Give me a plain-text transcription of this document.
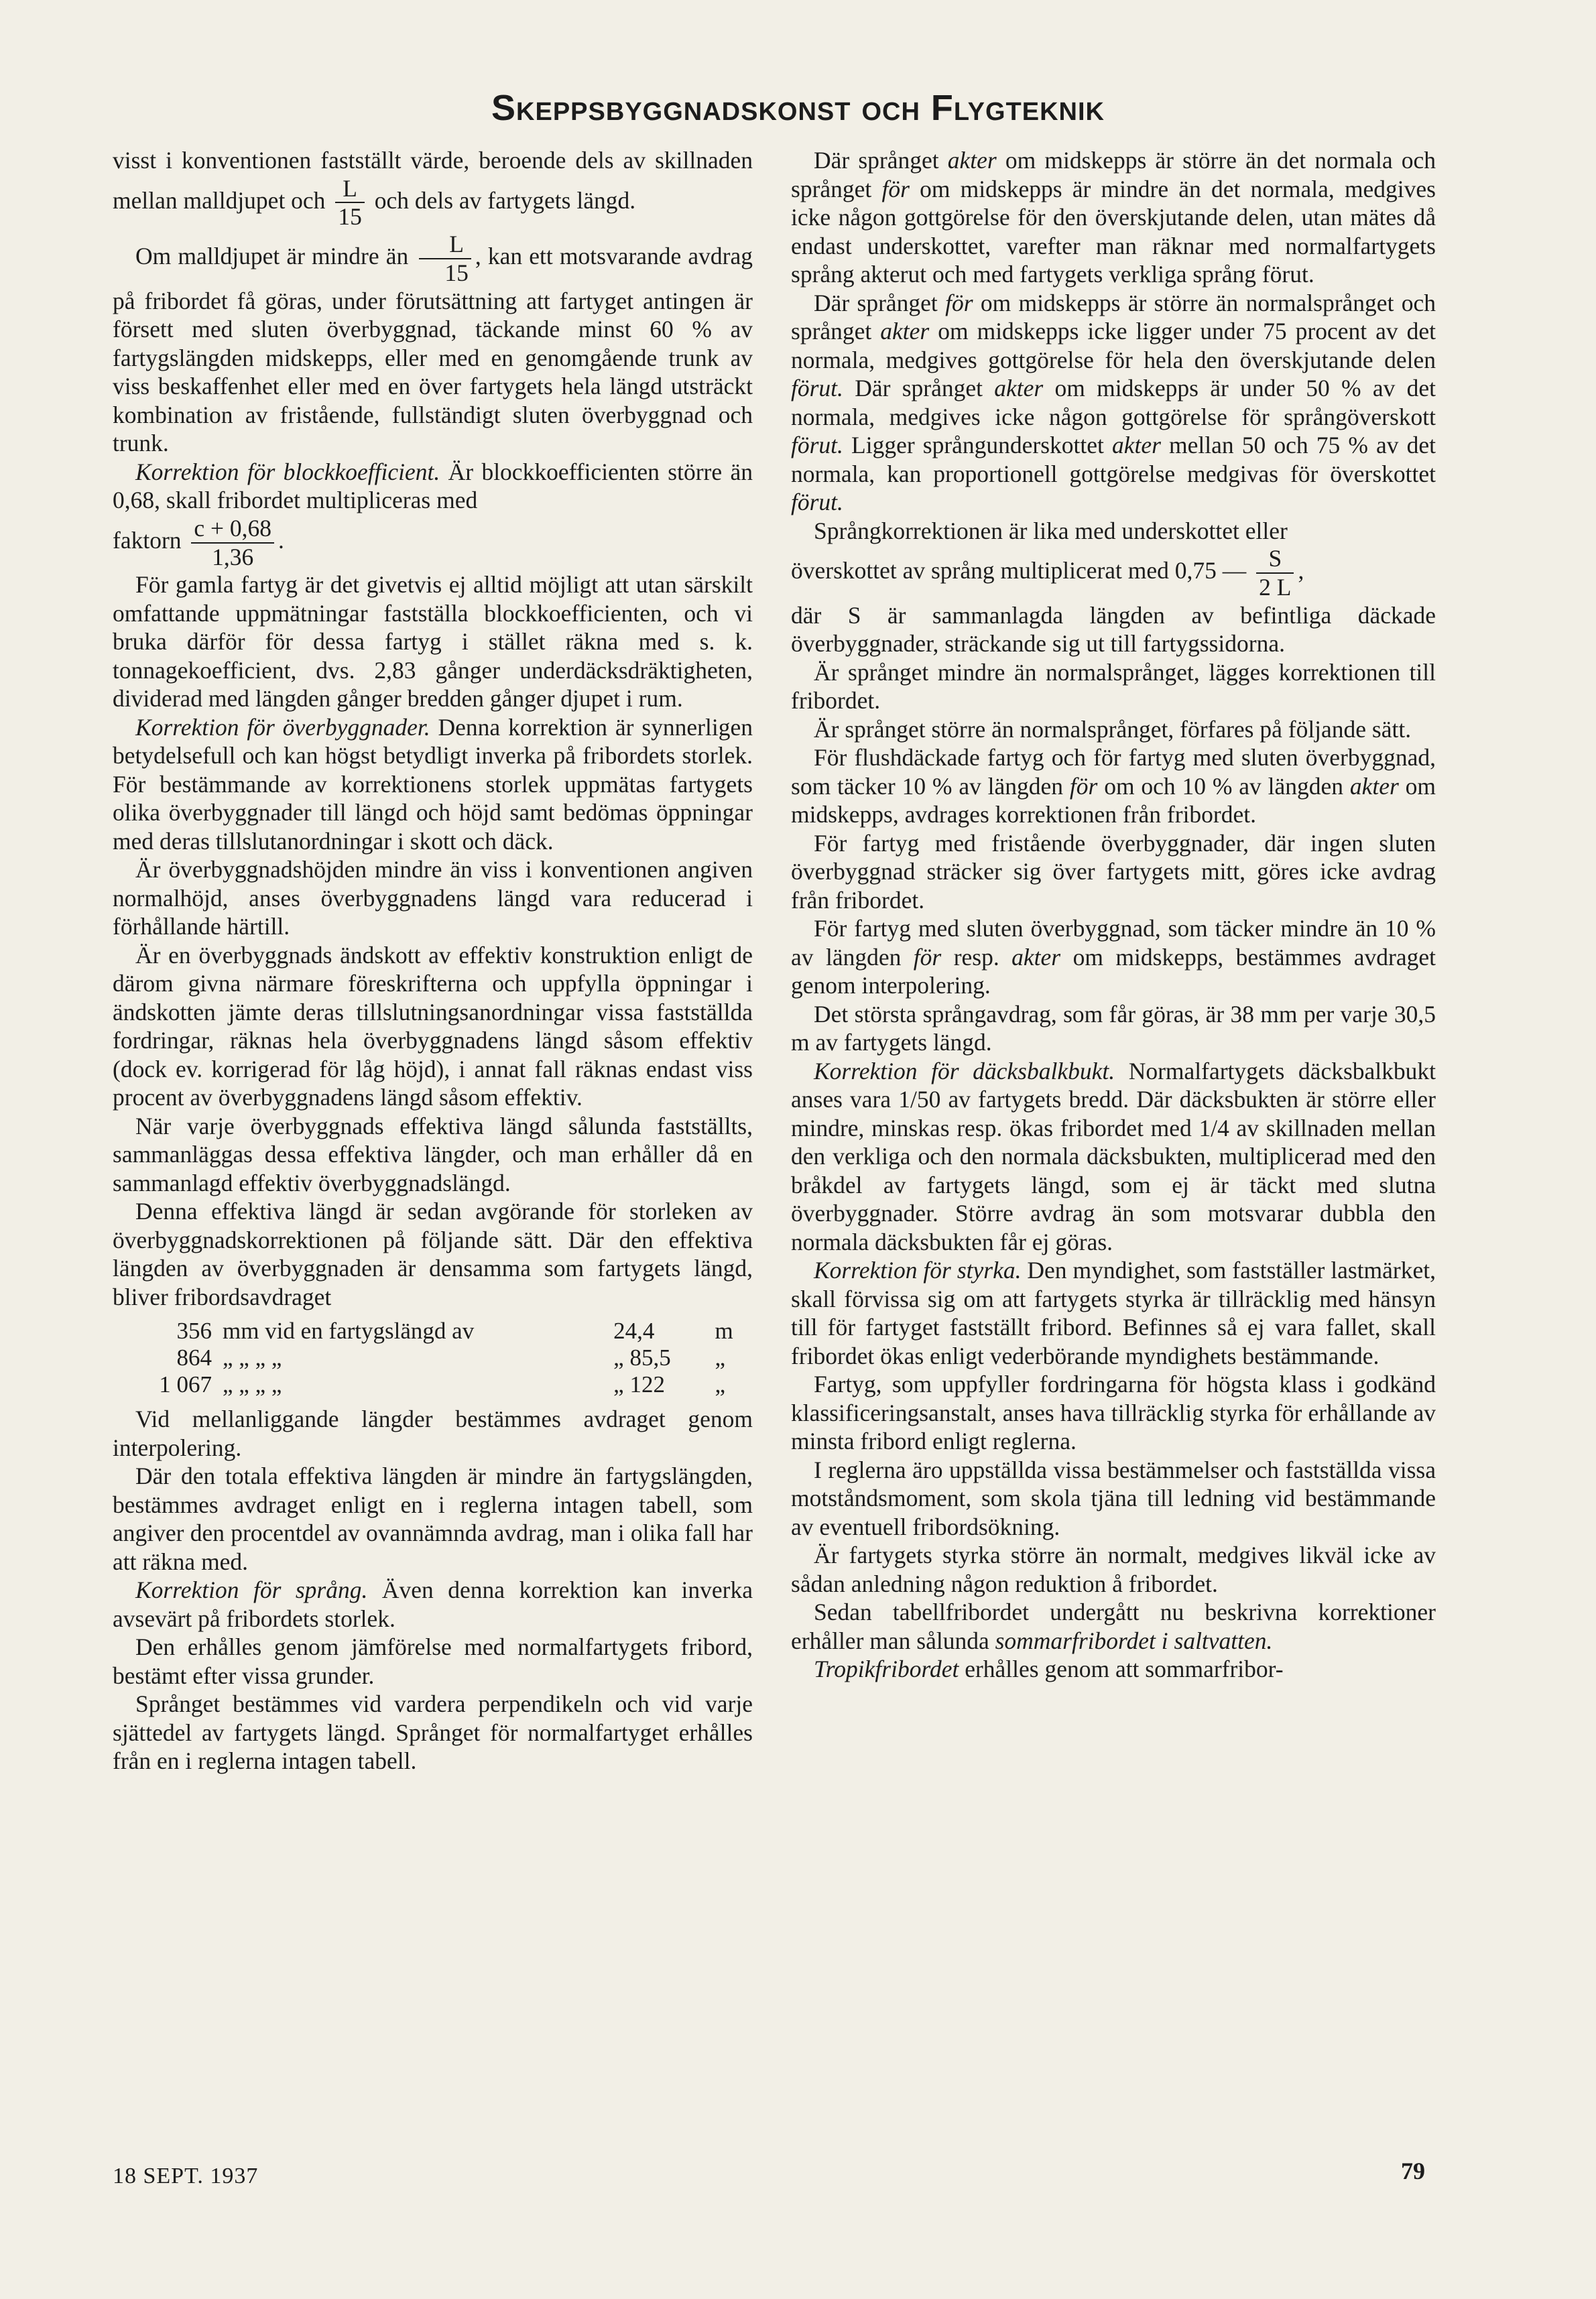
Skeppsbyggnadskonst och Flygteknik

visst i konventionen fastställt värde, beroende dels av skillnaden mellan malldjupet och $\frac{L}{15}$ och dels av fartygets längd.

Om malldjupet är mindre än $\frac{L}{15}$ , kan ett motsvarande avdrag på fribordet få göras, under förutsättning att fartyget antingen är försett med sluten överbyggnad, täckande minst 60 % av fartygslängden midskepps, eller med en genomgående trunk av viss beskaffenhet eller med en över fartygets hela längd utsträckt kombination av fristående, fullständigt sluten överbyggnad och trunk.

Korrektion för blockkoefficient. Är blockkoefficienten större än 0,68, skall fribordet multipliceras med

faktorn $\frac{c + 0,68}{1,36}$ .

För gamla fartyg är det givetvis ej alltid möjligt att utan särskilt omfattande uppmätningar fastställa blockkoefficienten, och vi bruka därför för dessa fartyg i stället räkna med s. k. tonnagekoefficient, dvs. 2,83 gånger underdäcksdräktigheten, dividerad med längden gånger bredden gånger djupet i rum.

Korrektion för överbyggnader. Denna korrektion är synnerligen betydelsefull och kan högst betydligt inverka på fribordets storlek. För bestämmande av korrektionens storlek uppmätas fartygets olika överbyggnader till längd och höjd samt bedömas öppningar med deras tillslutanordningar i skott och däck.

Är överbyggnadshöjden mindre än viss i konventionen angiven normalhöjd, anses överbyggnadens längd vara reducerad i förhållande härtill.

Är en överbyggnads ändskott av effektiv konstruktion enligt de därom givna närmare föreskrifterna och uppfylla öppningar i ändskotten jämte deras tillslutningsanordningar vissa fastställda fordringar, räknas hela överbyggnadens längd såsom effektiv (dock ev. korrigerad för låg höjd), i annat fall räknas endast viss procent av överbyggnadens längd såsom effektiv.

När varje överbyggnads effektiva längd sålunda fastställts, sammanläggas dessa effektiva längder, och man erhåller då en sammanlagd effektiv överbyggnadslängd.

Denna effektiva längd är sedan avgörande för storleken av överbyggnadskorrektionen på följande sätt. Där den effektiva längden av överbyggnaden är densamma som fartygets längd, bliver fribordsavdraget

356	mm vid en fartygslängd av	24,4	m
864	„ „ „ „	„ 85,5	„
1 067	„ „ „ „	„ 122	„

Vid mellanliggande längder bestämmes avdraget genom interpolering.

Där den totala effektiva längden är mindre än fartygslängden, bestämmes avdraget enligt en i reglerna intagen tabell, som angiver den procentdel av ovannämnda avdrag, man i olika fall har att räkna med.

Korrektion för språng. Även denna korrektion kan inverka avsevärt på fribordets storlek.

Den erhålles genom jämförelse med normalfartygets fribord, bestämt efter vissa grunder.

Språnget bestämmes vid vardera perpendikeln och vid varje sjättedel av fartygets längd. Språnget för normalfartyget erhålles från en i reglerna intagen tabell.

Där språnget akter om midskepps är större än det normala och språnget för om midskepps är mindre än det normala, medgives icke någon gottgörelse för den överskjutande delen, utan mätes då endast underskottet, varefter man räknar med normalfartygets språng akterut och med fartygets verkliga språng förut.

Där språnget för om midskepps är större än normalsprånget och språnget akter om midskepps icke ligger under 75 procent av det normala, medgives gottgörelse för hela den överskjutande delen förut. Där språnget akter om midskepps är under 50 % av det normala, medgives icke någon gottgörelse för språngöverskott förut. Ligger språngunderskottet akter mellan 50 och 75 % av det normala, kan proportionell gottgörelse medgivas för överskottet förut.

Språngkorrektionen är lika med underskottet eller

överskottet av språng multiplicerat med 0,75 — $\frac{S}{2 L}$ ,

där S är sammanlagda längden av befintliga däckade överbyggnader, sträckande sig ut till fartygssidorna.

Är språnget mindre än normalsprånget, lägges korrektionen till fribordet.

Är språnget större än normalsprånget, förfares på följande sätt.

För flushdäckade fartyg och för fartyg med sluten överbyggnad, som täcker 10 % av längden för om och 10 % av längden akter om midskepps, avdrages korrektionen från fribordet.

För fartyg med fristående överbyggnader, där ingen sluten överbyggnad sträcker sig över fartygets mitt, göres icke avdrag från fribordet.

För fartyg med sluten överbyggnad, som täcker mindre än 10 % av längden för resp. akter om midskepps, bestämmes avdraget genom interpolering.

Det största språngavdrag, som får göras, är 38 mm per varje 30,5 m av fartygets längd.

Korrektion för däcksbalkbukt. Normalfartygets däcksbalkbukt anses vara 1/50 av fartygets bredd. Där däcksbukten är större eller mindre, minskas resp. ökas fribordet med 1/4 av skillnaden mellan den verkliga och den normala däcksbukten, multiplicerad med den bråkdel av fartygets längd, som ej är täckt med slutna överbyggnader. Större avdrag än som motsvarar dubbla den normala däcksbukten får ej göras.

Korrektion för styrka. Den myndighet, som fastställer lastmärket, skall förvissa sig om att fartygets styrka är tillräcklig med hänsyn till för fartyget fastställt fribord. Befinnes så ej vara fallet, skall fribordet ökas enligt vederbörande myndighets bestämmande.

Fartyg, som uppfyller fordringarna för högsta klass i godkänd klassificeringsanstalt, anses hava tillräcklig styrka för erhållande av minsta fribord enligt reglerna.

I reglerna äro uppställda vissa bestämmelser och fastställda vissa motståndsmoment, som skola tjäna till ledning vid bestämmande av eventuell fribordsökning.

Är fartygets styrka större än normalt, medgives likväl icke av sådan anledning någon reduktion å fribordet.

Sedan tabellfribordet undergått nu beskrivna korrektioner erhåller man sålunda sommarfribordet i saltvatten.

Tropikfribordet erhålles genom att sommarfribor-

18 SEPT. 1937	79
